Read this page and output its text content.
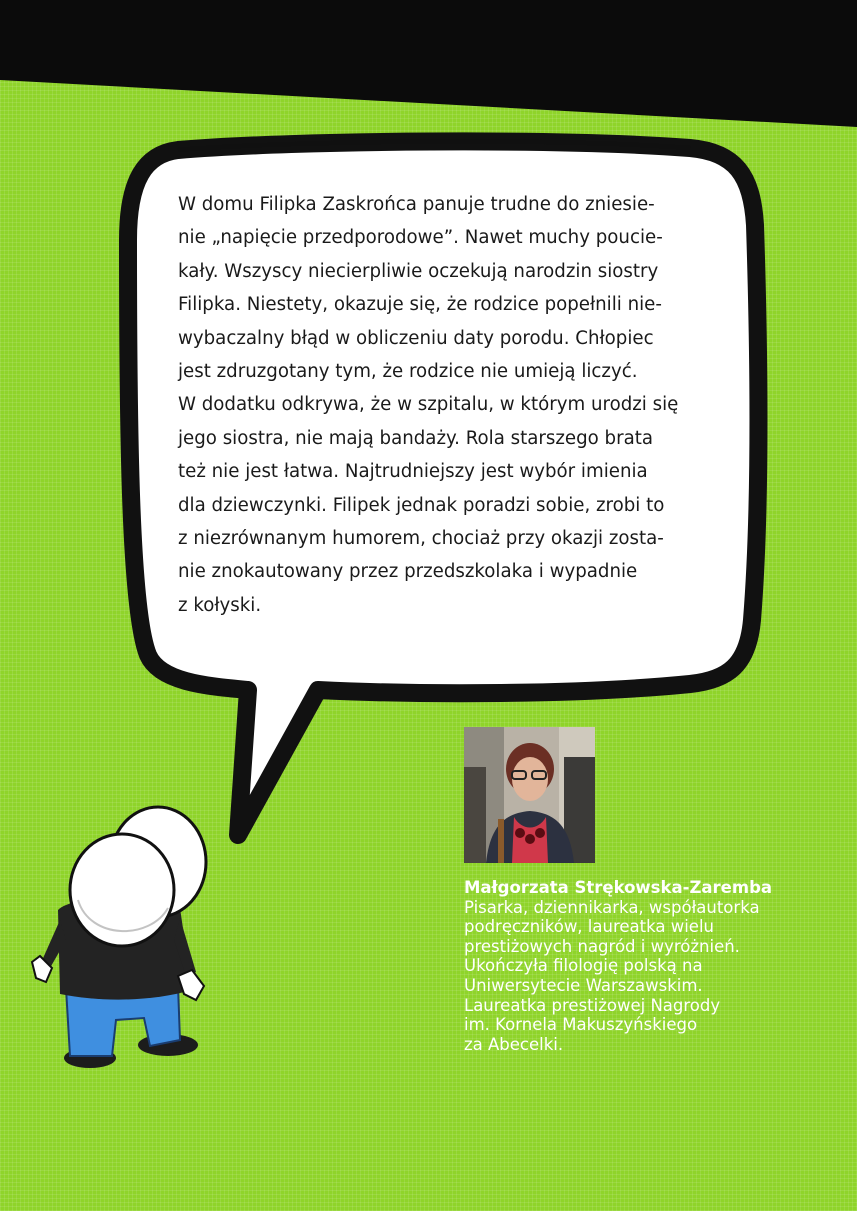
W domu Filipka Zaskrońca panuje trudne do zniesie-
nie „napięcie przedporodowe”. Nawet muchy poucie-
kały. Wszyscy niecierpliwie oczekują narodzin siostry
Filipka. Niestety, okazuje się, że rodzice popełnili nie-
wybaczalny błąd w obliczeniu daty porodu. Chłopiec
jest zdruzgotany tym, że rodzice nie umieją liczyć.
W dodatku odkrywa, że w szpitalu, w którym urodzi się
jego siostra, nie mają bandaży. Rola starszego brata
też nie jest łatwa. Najtrudniejszy jest wybór imienia
dla dziewczynki. Filipek jednak poradzi sobie, zrobi to
z niezrównanym humorem, chociaż przy okazji zosta-
nie znokautowany przez przedszkolaka i wypadnie
z kołyski.
Małgorzata Strękowska-Zaremba
Pisarka, dziennikarka, współautorka
podręczników, laureatka wielu
prestiżowych nagród i wyróżnień.
Ukończyła filologię polską na
Uniwersytecie Warszawskim.
Laureatka prestiżowej Nagrody
im. Kornela Makuszyńskiego
za Abecelki.
